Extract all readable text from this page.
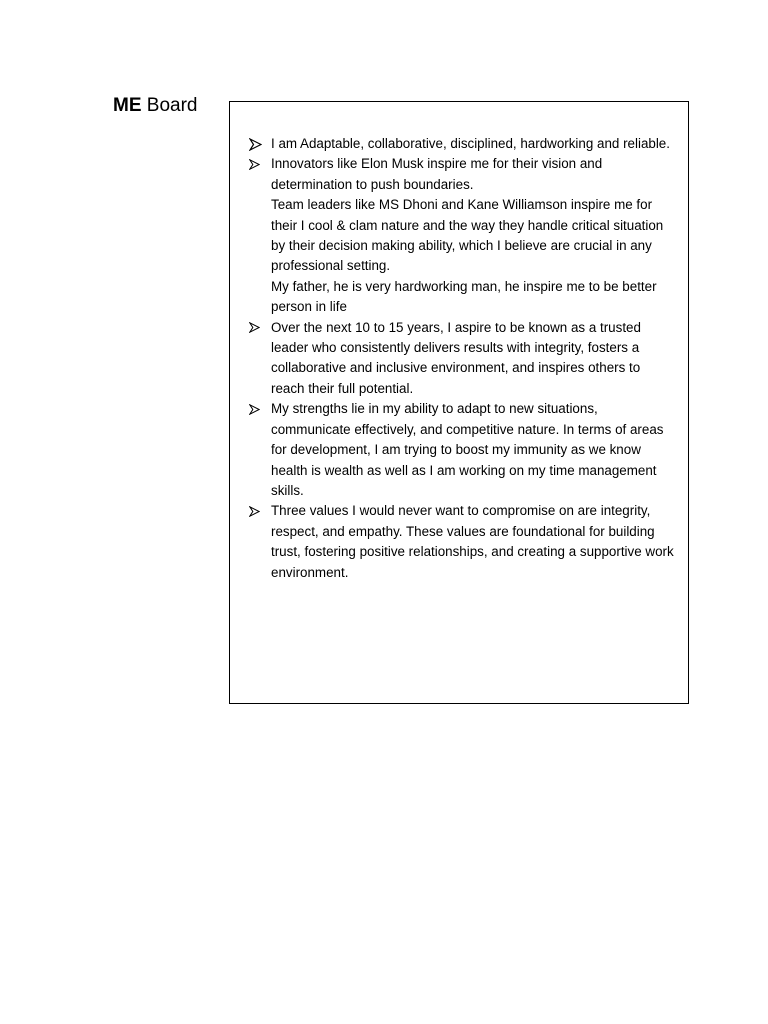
ME Board
I am Adaptable, collaborative, disciplined, hardworking and reliable.
Innovators like Elon Musk inspire me for their vision and determination to push boundaries.
Team leaders like MS Dhoni and Kane Williamson inspire me for their I cool & clam nature and the way they handle critical situation by their decision making ability, which I believe are crucial in any professional setting.
My father, he is very hardworking man, he inspire me to be better person in life
Over the next 10 to 15 years, I aspire to be known as a trusted leader who consistently delivers results with integrity, fosters a collaborative and inclusive environment, and inspires others to reach their full potential.
My strengths lie in my ability to adapt to new situations, communicate effectively, and competitive nature. In terms of areas for development, I am trying to boost my immunity as we know health is wealth as well as I am working on my time management skills.
Three values I would never want to compromise on are integrity, respect, and empathy. These values are foundational for building trust, fostering positive relationships, and creating a supportive work environment.
